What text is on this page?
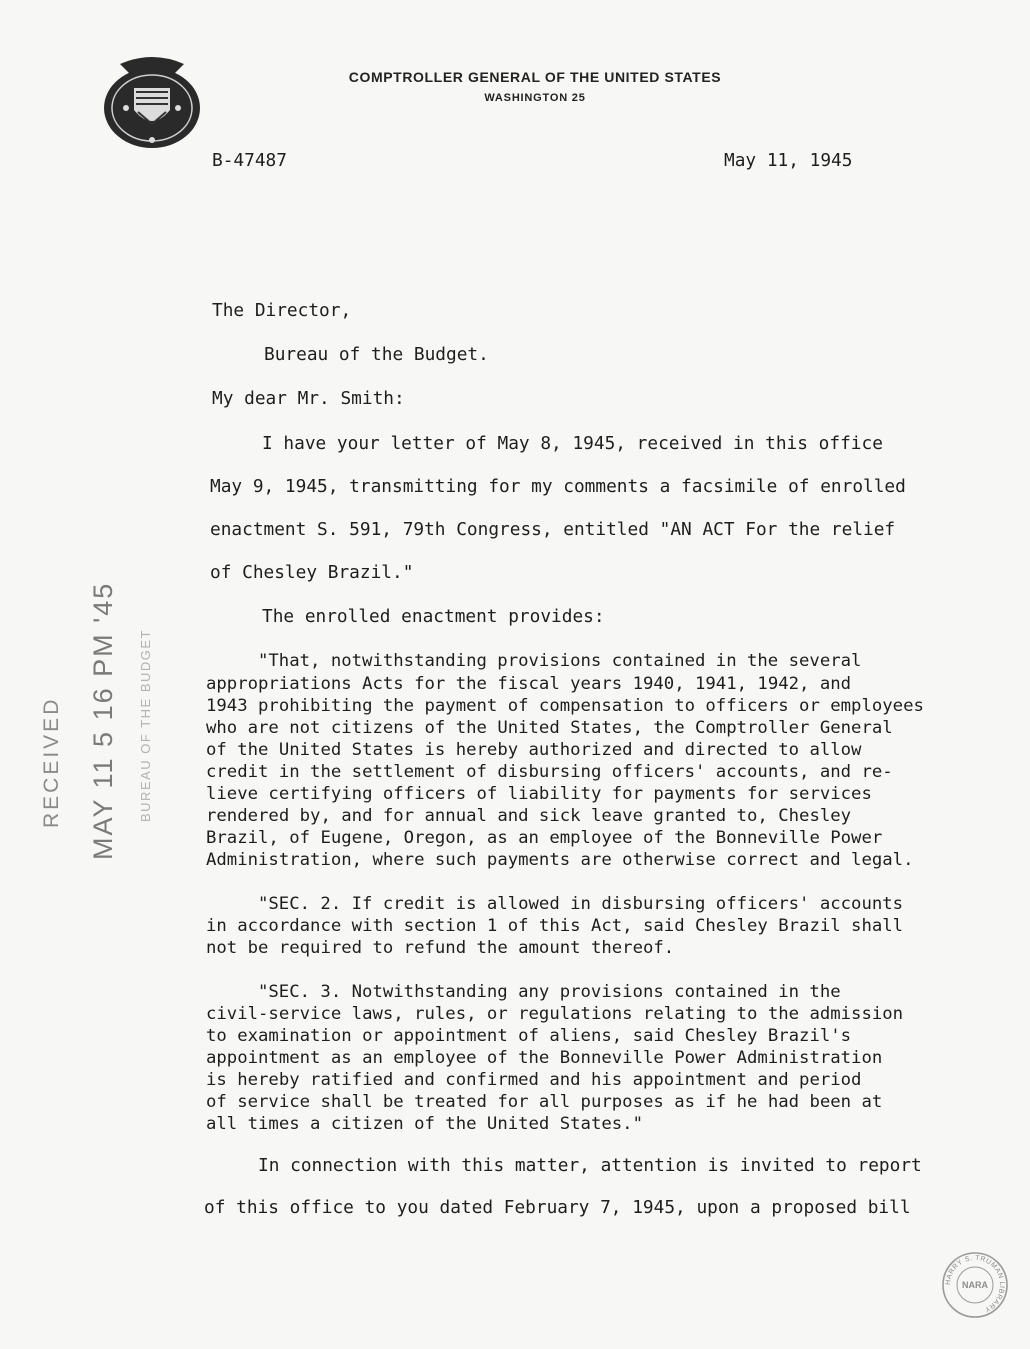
COMPTROLLER GENERAL OF THE UNITED STATES
WASHINGTON 25
B-47487	May 11, 1945
The Director,
Bureau of the Budget.
My dear Mr. Smith:
I have your letter of May 8, 1945, received in this office
May 9, 1945, transmitting for my comments a facsimile of enrolled
enactment S. 591, 79th Congress, entitled "AN ACT For the relief
of Chesley Brazil."
The enrolled enactment provides:
"That, notwithstanding provisions contained in the several
appropriations Acts for the fiscal years 1940, 1941, 1942, and
1943 prohibiting the payment of compensation to officers or employees
who are not citizens of the United States, the Comptroller General
of the United States is hereby authorized and directed to allow
credit in the settlement of disbursing officers' accounts, and re-
lieve certifying officers of liability for payments for services
rendered by, and for annual and sick leave granted to, Chesley
Brazil, of Eugene, Oregon, as an employee of the Bonneville Power
Administration, where such payments are otherwise correct and legal.
"SEC. 2. If credit is allowed in disbursing officers' accounts
in accordance with section 1 of this Act, said Chesley Brazil shall
not be required to refund the amount thereof.
"SEC. 3. Notwithstanding any provisions contained in the
civil-service laws, rules, or regulations relating to the admission
to examination or appointment of aliens, said Chesley Brazil's
appointment as an employee of the Bonneville Power Administration
is hereby ratified and confirmed and his appointment and period
of service shall be treated for all purposes as if he had been at
all times a citizen of the United States."
In connection with this matter, attention is invited to report
of this office to you dated February 7, 1945, upon a proposed bill
RECEIVED MAY 11 5 16 PM '45 BUREAU OF THE BUDGET
HARRY S. TRUMAN LIBRARY
NARA
